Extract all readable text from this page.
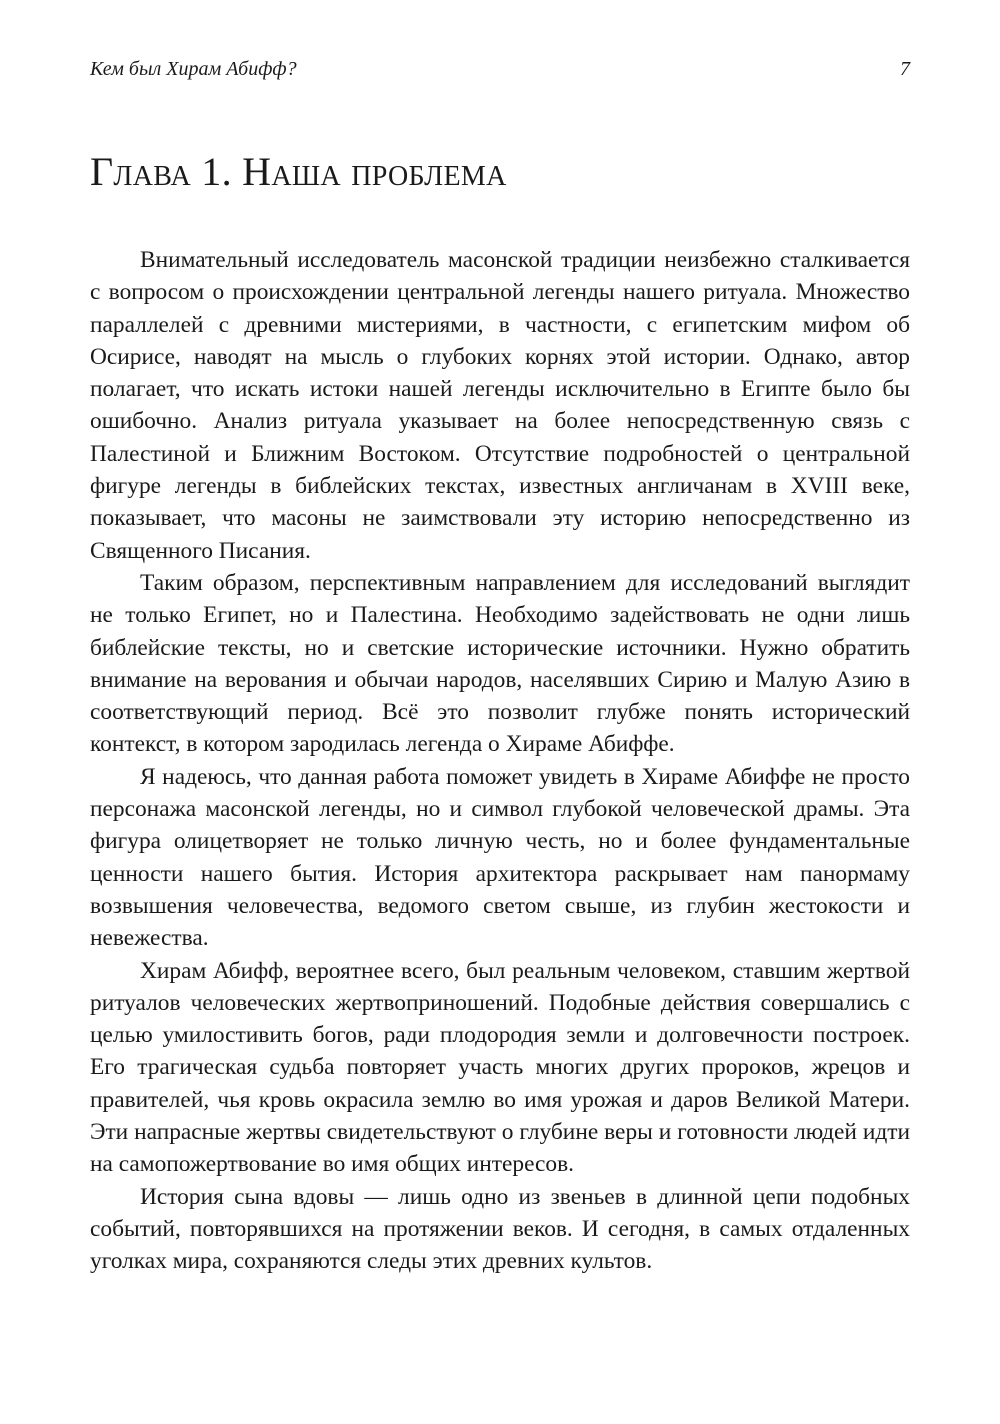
Кем был Хирам Абифф?	7
Глава 1. Наша проблема

Внимательный исследователь масонской традиции неизбежно сталкивается с вопросом о происхождении центральной легенды нашего ритуала. Множество параллелей с древними мистериями, в частности, с египетским мифом об Осирисе, наводят на мысль о глубоких корнях этой истории. Однако, автор полагает, что искать истоки нашей легенды исключительно в Египте было бы ошибочно. Анализ ритуала указывает на более непосредственную связь с Палестиной и Ближним Востоком. Отсутствие подробностей о центральной фигуре легенды в библейских текстах, известных англичанам в XVIII веке, показывает, что масоны не заимствовали эту историю непосредственно из Священного Писания.

Таким образом, перспективным направлением для исследований выглядит не только Египет, но и Палестина. Необходимо задействовать не одни лишь библейские тексты, но и светские исторические источники. Нужно обратить внимание на верования и обычаи народов, населявших Сирию и Малую Азию в соответствующий период. Всё это позволит глубже понять исторический контекст, в котором зародилась легенда о Хираме Абиффе.

Я надеюсь, что данная работа поможет увидеть в Хираме Абиффе не просто персонажа масонской легенды, но и символ глубокой человеческой драмы. Эта фигура олицетворяет не только личную честь, но и более фундаментальные ценности нашего бытия. История архитектора раскрывает нам панормаму возвышения человечества, ведомого светом свыше, из глубин жестокости и невежества.

Хирам Абифф, вероятнее всего, был реальным человеком, ставшим жертвой ритуалов человеческих жертвоприношений. Подобные действия совершались с целью умилостивить богов, ради плодородия земли и долговечности построек. Его трагическая судьба повторяет участь многих других пророков, жрецов и правителей, чья кровь окрасила землю во имя урожая и даров Великой Матери. Эти напрасные жертвы свидетельствуют о глубине веры и готовности людей идти на самопожертвование во имя общих интересов.

История сына вдовы — лишь одно из звеньев в длинной цепи подобных событий, повторявшихся на протяжении веков. И сегодня, в самых отдаленных уголках мира, сохраняются следы этих древних культов.
